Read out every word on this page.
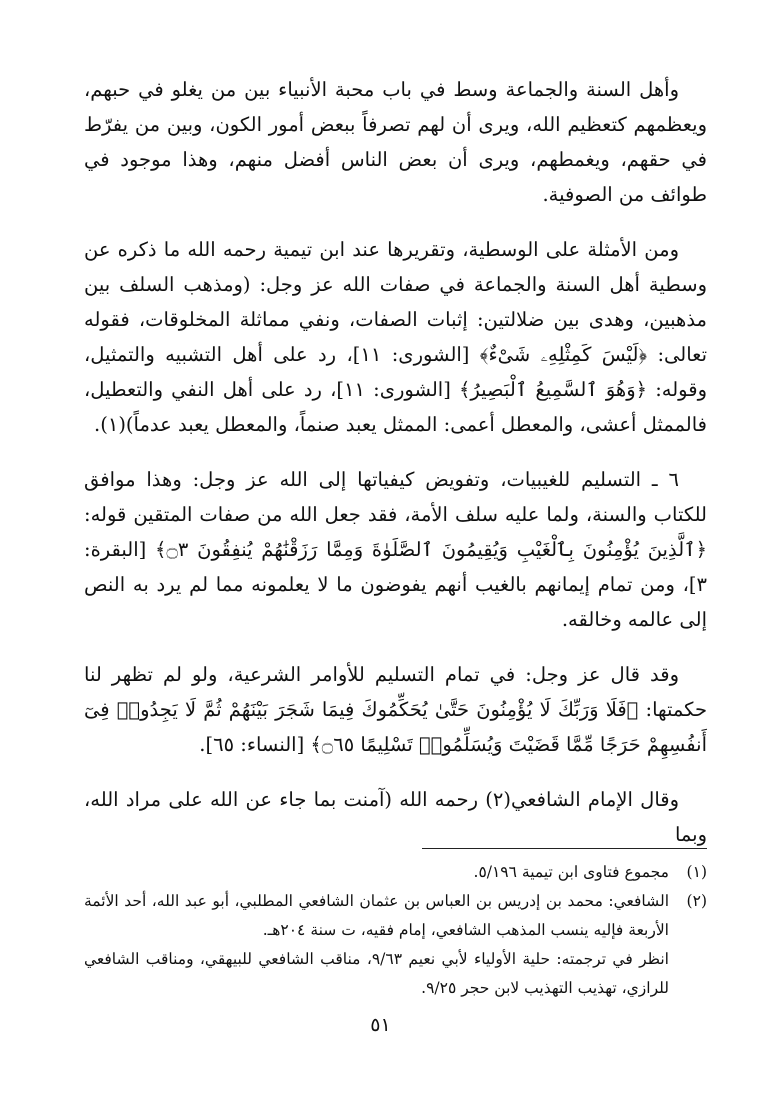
وأهل السنة والجماعة وسط في باب محبة الأنبياء بين من يغلو في حبهم، ويعظمهم كتعظيم الله، ويرى أن لهم تصرفاً ببعض أمور الكون، وبين من يفرّط في حقهم، ويغمطهم، ويرى أن بعض الناس أفضل منهم، وهذا موجود في طوائف من الصوفية.

ومن الأمثلة على الوسطية، وتقريرها عند ابن تيمية رحمه الله ما ذكره عن وسطية أهل السنة والجماعة في صفات الله عز وجل: (ومذهب السلف بين مذهبين، وهدى بين ضلالتين: إثبات الصفات، ونفي مماثلة المخلوقات، فقوله تعالى: ﴿لَيْسَ كَمِثْلِهِۦ شَىْءٌ﴾ [الشورى: ١١]، رد على أهل التشبيه والتمثيل، وقوله: ﴿وَهُوَ ٱلسَّمِيعُ ٱلْبَصِيرُ﴾ [الشورى: ١١]، رد على أهل النفي والتعطيل، فالممثل أعشى، والمعطل أعمى: الممثل يعبد صنماً، والمعطل يعبد عدماً)(١).

٦ ـ التسليم للغيبيات، وتفويض كيفياتها إلى الله عز وجل: وهذا موافق للكتاب والسنة، ولما عليه سلف الأمة، فقد جعل الله من صفات المتقين قوله: ﴿ٱلَّذِينَ يُؤْمِنُونَ بِٱلْغَيْبِ وَيُقِيمُونَ ٱلصَّلَوٰةَ وَمِمَّا رَزَقْنَٰهُمْ يُنفِقُونَ ۝٣﴾ [البقرة: ٣]، ومن تمام إيمانهم بالغيب أنهم يفوضون ما لا يعلمونه مما لم يرد به النص إلى عالمه وخالقه.

وقد قال عز وجل: في تمام التسليم للأوامر الشرعية، ولو لم تظهر لنا حكمتها: ﴿فَلَا وَرَبِّكَ لَا يُؤْمِنُونَ حَتَّىٰ يُحَكِّمُوكَ فِيمَا شَجَرَ بَيْنَهُمْ ثُمَّ لَا يَجِدُوا۟ فِىٓ أَنفُسِهِمْ حَرَجًا مِّمَّا قَضَيْتَ وَيُسَلِّمُوا۟ تَسْلِيمًا ۝٦٥﴾ [النساء: ٦٥].

وقال الإمام الشافعي(٢) رحمه الله (آمنت بما جاء عن الله على مراد الله، وبما

(١)
مجموع فتاوى ابن تيمية ٥/١٩٦.
(٢)
الشافعي: محمد بن إدريس بن العباس بن عثمان الشافعي المطلبي، أبو عبد الله، أحد الأئمة الأربعة فإليه ينسب المذهب الشافعي، إمام فقيه، ت سنة ٢٠٤هـ.
انظر في ترجمته: حلية الأولياء لأبي نعيم ٩/٦٣، مناقب الشافعي للبيهقي، ومناقب الشافعي للرازي، تهذيب التهذيب لابن حجر ٩/٢٥.
٥١
